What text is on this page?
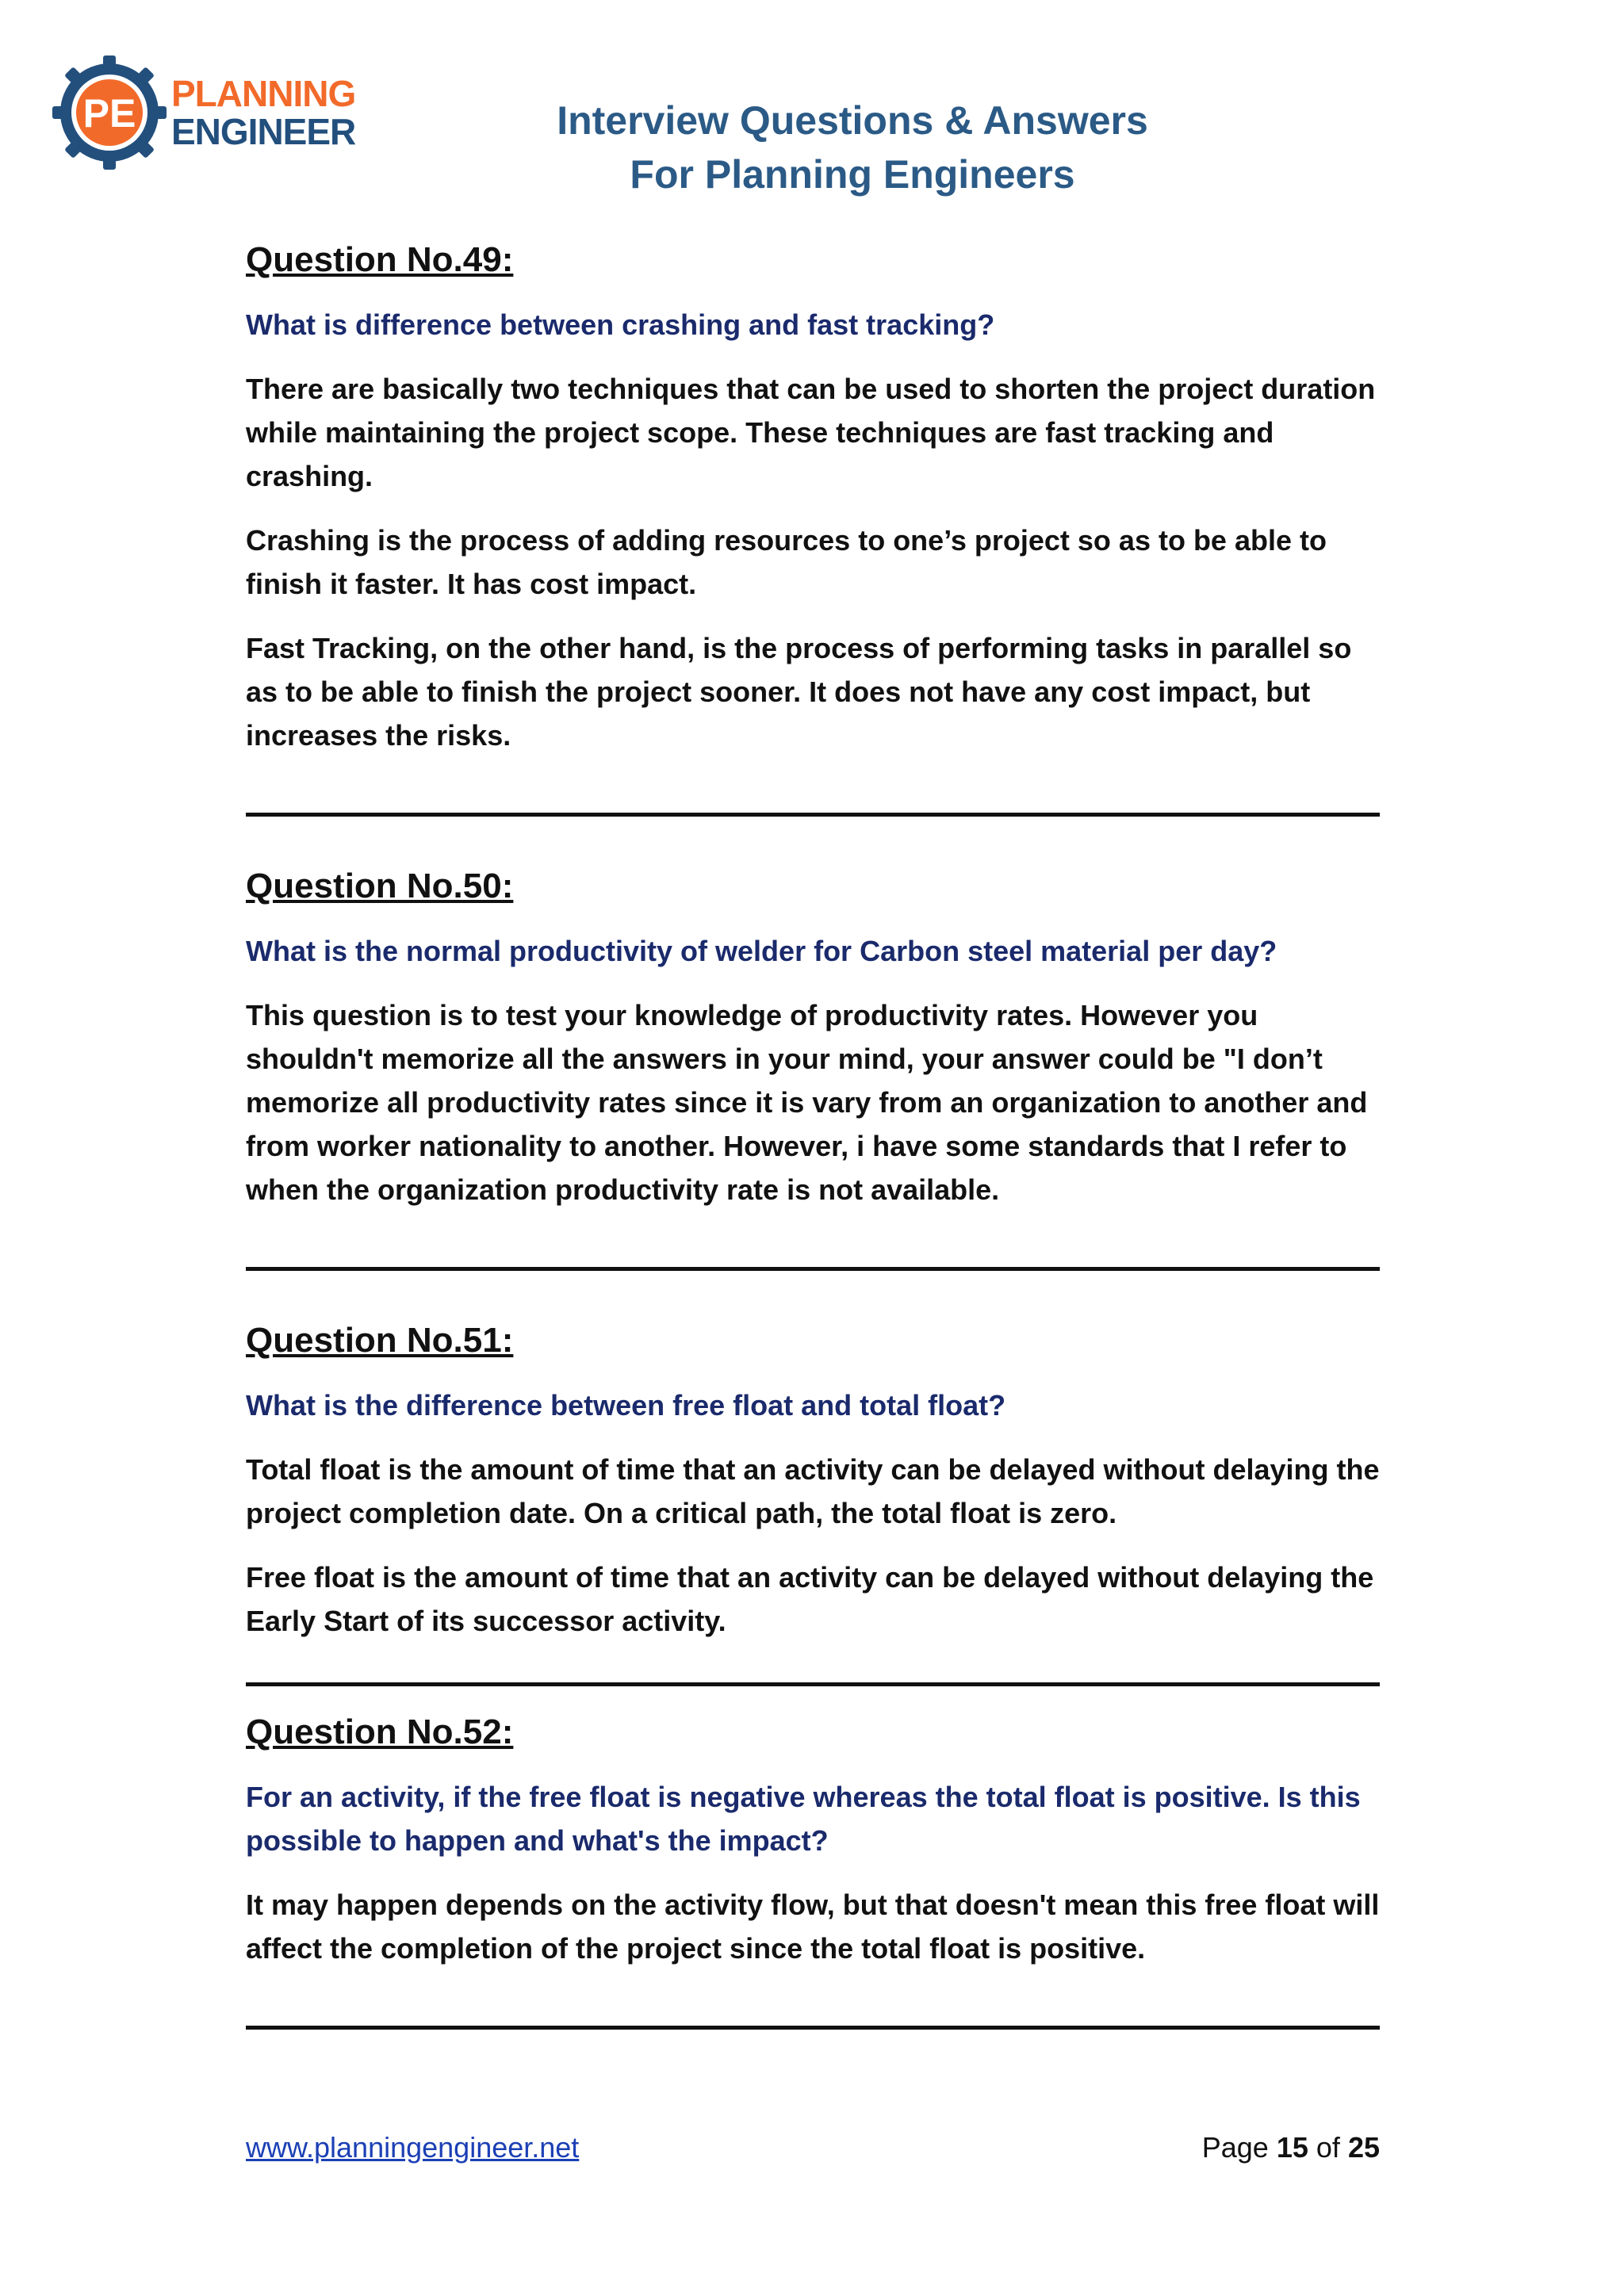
PE PLANNING
ENGINEER	Interview Questions & Answers
For Planning Engineers
Question No.49:
What is difference between crashing and fast tracking?

There are basically two techniques that can be used to shorten the project duration while maintaining the project scope. These techniques are fast tracking and crashing.

Crashing is the process of adding resources to one’s project so as to be able to finish it faster. It has cost impact.

Fast Tracking, on the other hand, is the process of performing tasks in parallel so as to be able to finish the project sooner. It does not have any cost impact, but increases the risks.

Question No.50:
What is the normal productivity of welder for Carbon steel material per day?

This question is to test your knowledge of productivity rates. However you shouldn't memorize all the answers in your mind, your answer could be "I don’t memorize all productivity rates since it is vary from an organization to another and from worker nationality to another. However, i have some standards that I refer to when the organization productivity rate is not available.

Question No.51:
What is the difference between free float and total float?

Total float is the amount of time that an activity can be delayed without delaying the project completion date. On a critical path, the total float is zero.

Free float is the amount of time that an activity can be delayed without delaying the Early Start of its successor activity.

Question No.52:
For an activity, if the free float is negative whereas the total float is positive. Is this possible to happen and what's the impact?

It may happen depends on the activity flow, but that doesn't mean this free float will affect the completion of the project since the total float is positive.

www.planningengineer.net	Page 15 of 25
